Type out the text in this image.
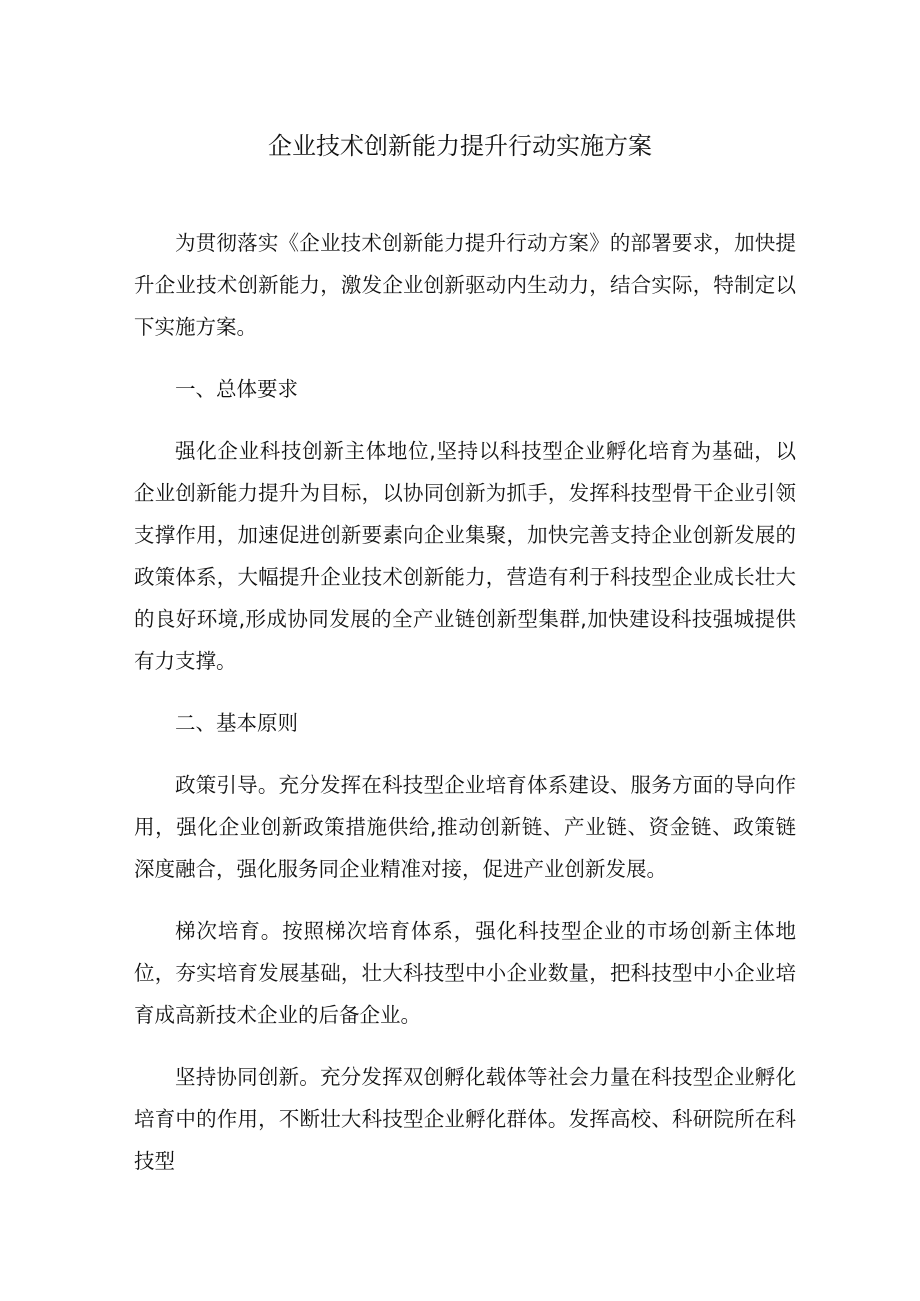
企业技术创新能力提升行动实施方案

为贯彻落实《企业技术创新能力提升行动方案》的部署要求，加快提升企业技术创新能力，激发企业创新驱动内生动力，结合实际，特制定以下实施方案。

一、总体要求

强化企业科技创新主体地位,坚持以科技型企业孵化培育为基础，以企业创新能力提升为目标，以协同创新为抓手，发挥科技型骨干企业引领支撑作用，加速促进创新要素向企业集聚，加快完善支持企业创新发展的政策体系，大幅提升企业技术创新能力，营造有利于科技型企业成长壮大的良好环境,形成协同发展的全产业链创新型集群,加快建设科技强城提供有力支撑。

二、基本原则

政策引导。充分发挥在科技型企业培育体系建设、服务方面的导向作用，强化企业创新政策措施供给,推动创新链、产业链、资金链、政策链深度融合，强化服务同企业精准对接，促进产业创新发展。

梯次培育。按照梯次培育体系，强化科技型企业的市场创新主体地位，夯实培育发展基础，壮大科技型中小企业数量，把科技型中小企业培育成高新技术企业的后备企业。

坚持协同创新。充分发挥双创孵化载体等社会力量在科技型企业孵化培育中的作用，不断壮大科技型企业孵化群体。发挥高校、科研院所在科技型
